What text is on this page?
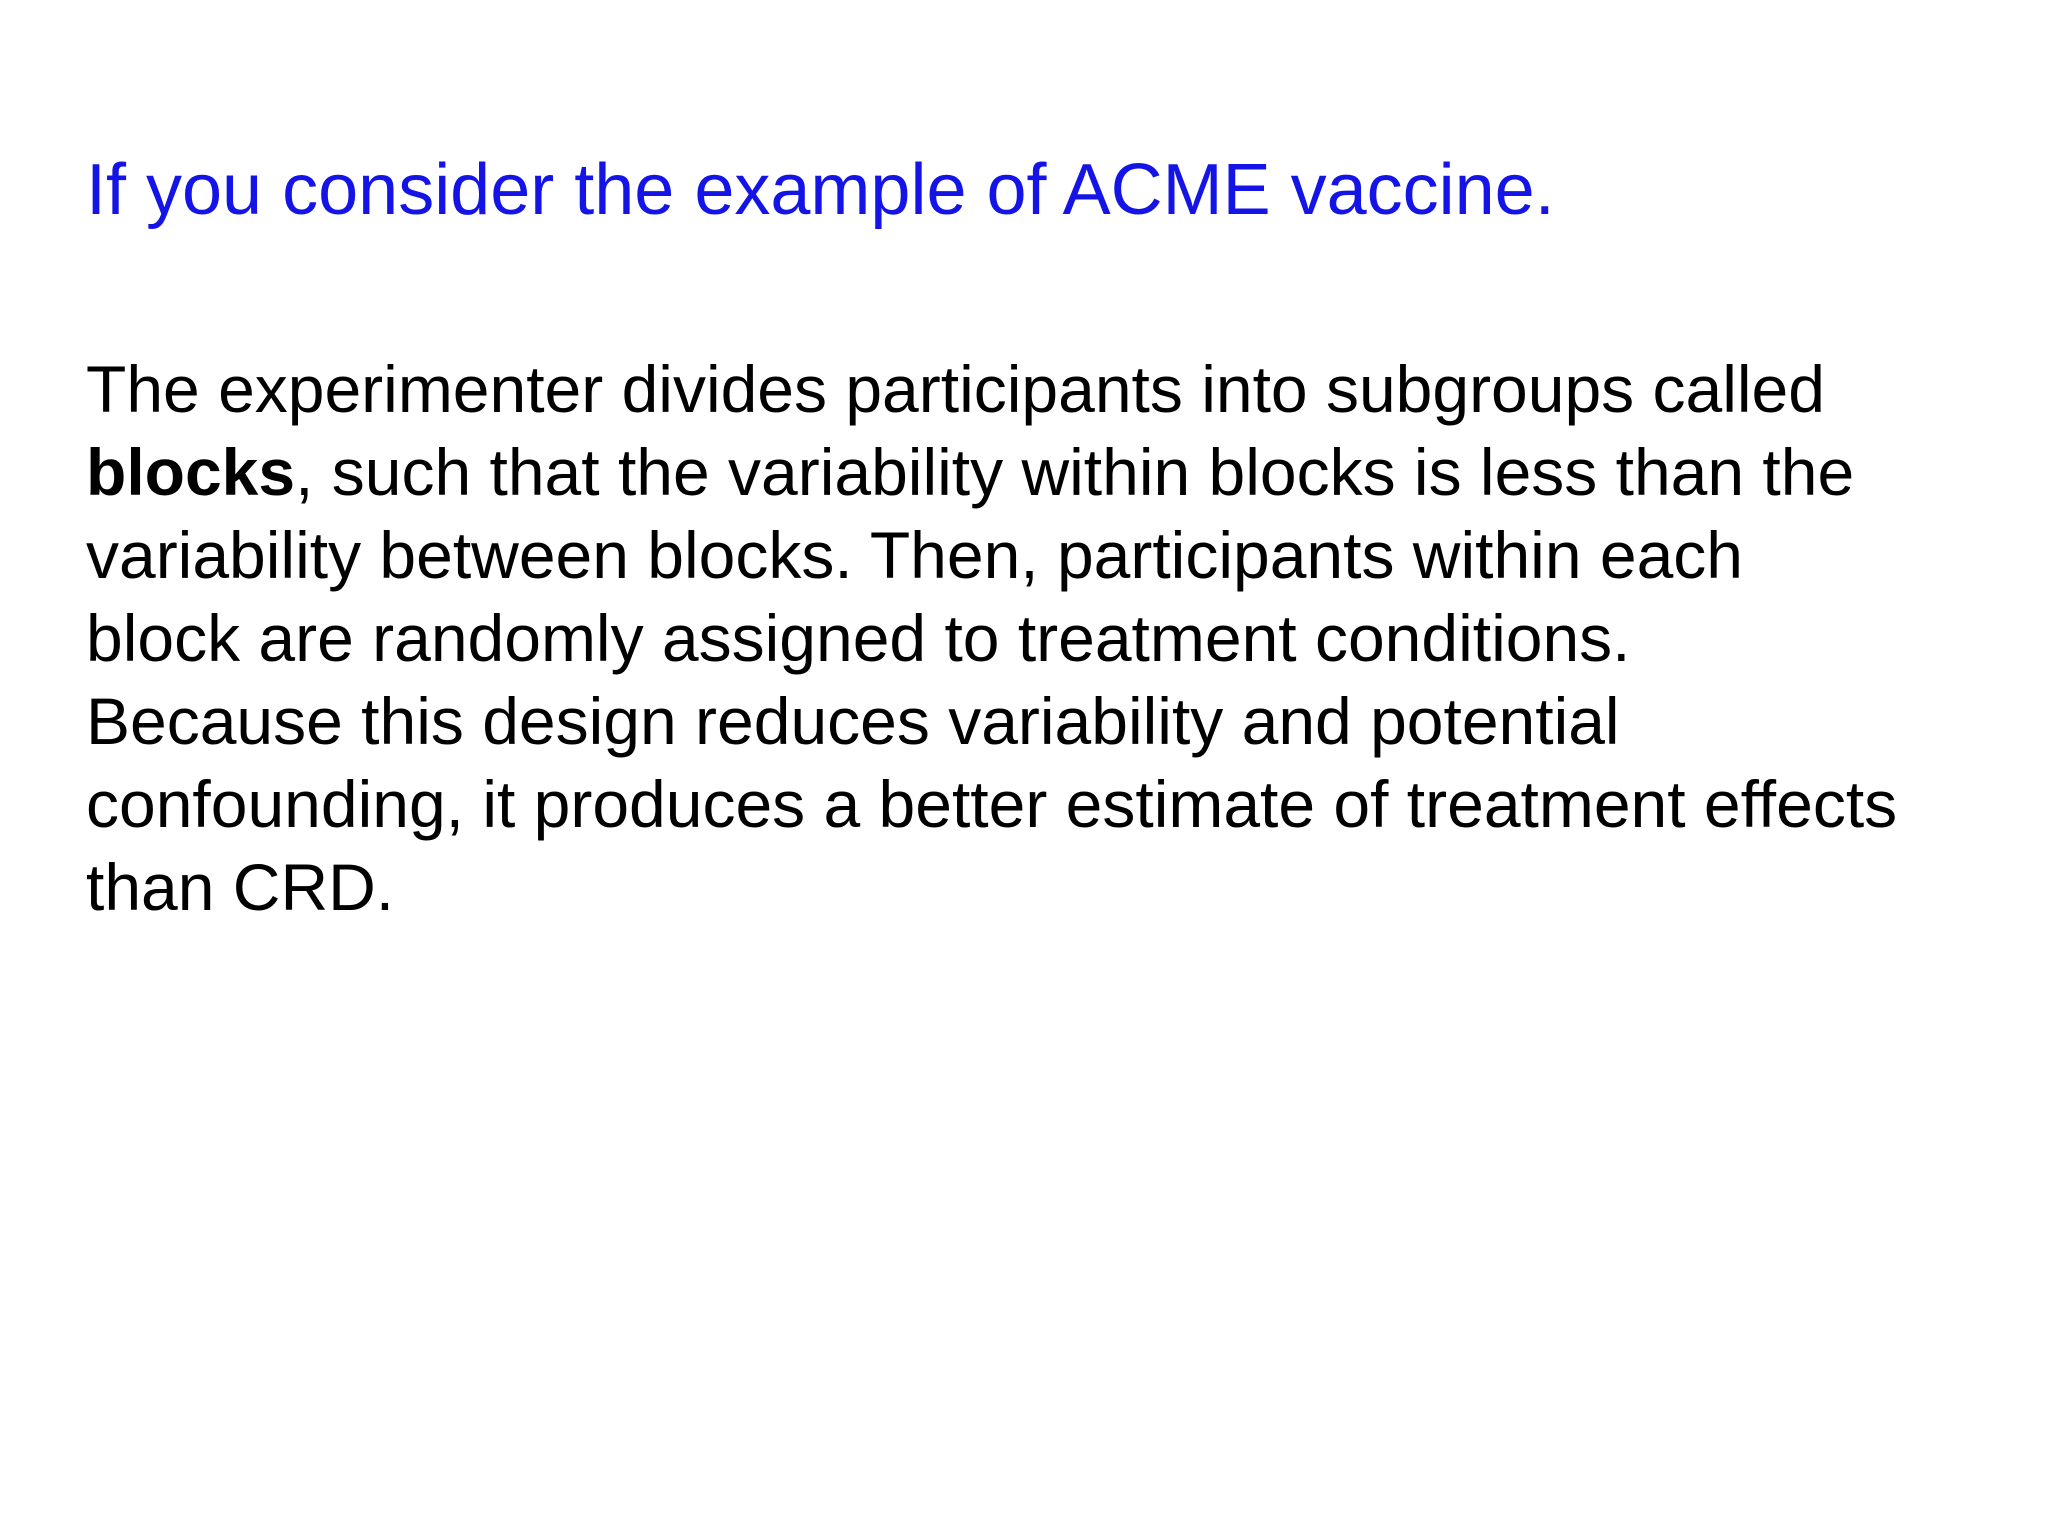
If you consider the example of ACME vaccine.

The experimenter divides participants into subgroups called
blocks, such that the variability within blocks is less than the
variability between blocks. Then, participants within each
block are randomly assigned to treatment conditions.
Because this design reduces variability and potential
confounding, it produces a better estimate of treatment effects
than CRD.
